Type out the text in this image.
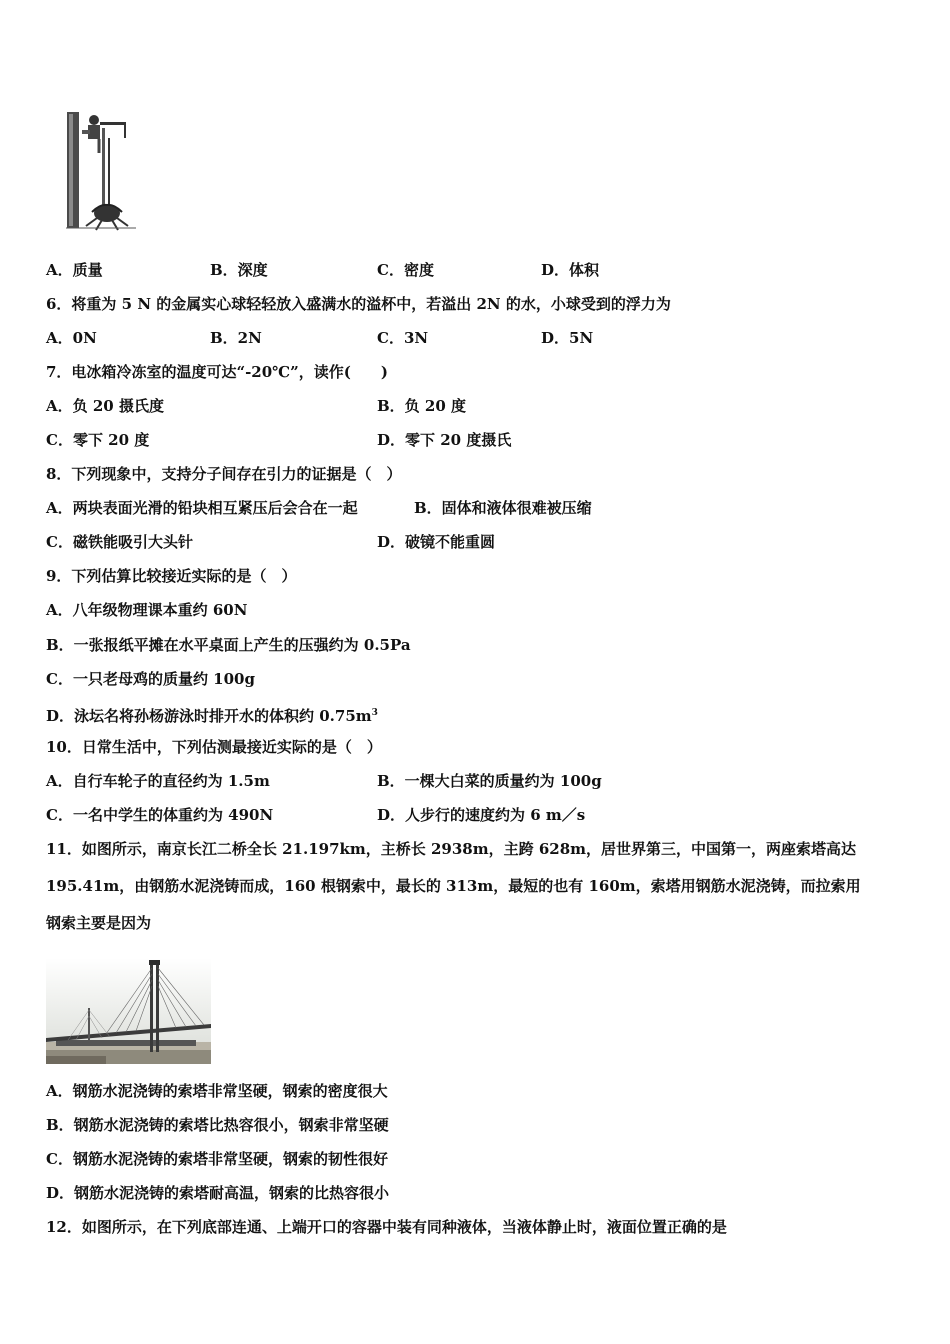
A．质量	B．深度	C．密度	D．体积
6．将重为 5 N 的金属实心球轻轻放入盛满水的溢杯中，若溢出 2N 的水，小球受到的浮力为
A．0N	B．2N	C．3N	D．5N
7．电冰箱冷冻室的温度可达“-20℃”，读作(　　)
A．负 20 摄氏度	B．负 20 度
C．零下 20 度	D．零下 20 度摄氏
8．下列现象中，支持分子间存在引力的证据是（　）
A．两块表面光滑的铅块相互紧压后会合在一起	B．固体和液体很难被压缩
C．磁铁能吸引大头针	D．破镜不能重圆
9．下列估算比较接近实际的是（　）
A．八年级物理课本重约 60N
B．一张报纸平摊在水平桌面上产生的压强约为 0.5Pa
C．一只老母鸡的质量约 100g
D．泳坛名将孙杨游泳时排开水的体积约 $0.75m^3$
10．日常生活中，下列估测最接近实际的是（　）
A．自行车轮子的直径约为 1.5m	B．一棵大白菜的质量约为 100g
C．一名中学生的体重约为 490N	D．人步行的速度约为 6 m／s
11．如图所示，南京长江二桥全长 21.197km，主桥长 2938m，主跨 628m，居世界第三，中国第一，两座索塔高达
195.41m，由钢筋水泥浇铸而成，160 根钢索中，最长的 313m，最短的也有 160m，索塔用钢筋水泥浇铸，而拉索用
钢索主要是因为
A．钢筋水泥浇铸的索塔非常坚硬，钢索的密度很大
B．钢筋水泥浇铸的索塔比热容很小，钢索非常坚硬
C．钢筋水泥浇铸的索塔非常坚硬，钢索的韧性很好
D．钢筋水泥浇铸的索塔耐高温，钢索的比热容很小
12．如图所示，在下列底部连通、上端开口的容器中装有同种液体，当液体静止时，液面位置正确的是
